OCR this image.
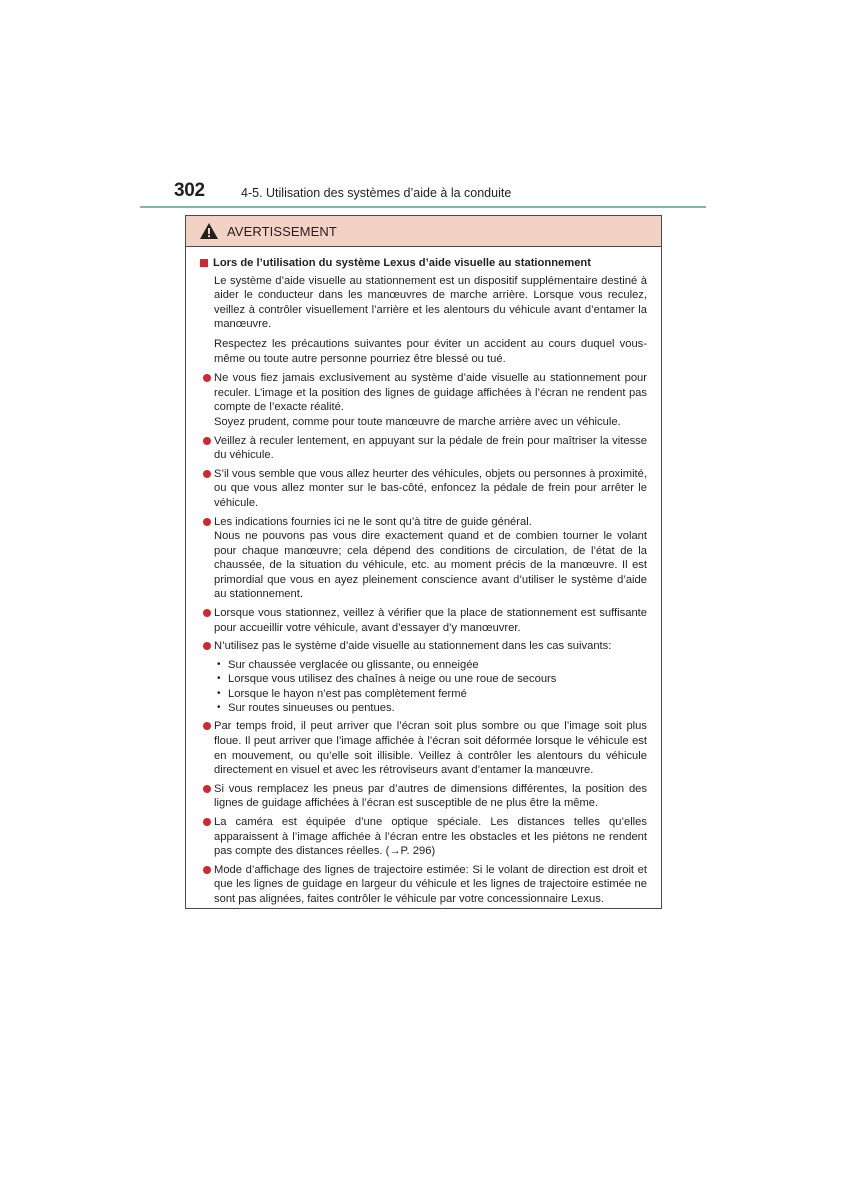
302	4-5. Utilisation des systèmes d’aide à la conduite
AVERTISSEMENT
Lors de l’utilisation du système Lexus d’aide visuelle au stationnement

Le système d’aide visuelle au stationnement est un dispositif supplémentaire destiné à aider le conducteur dans les manœuvres de marche arrière. Lorsque vous reculez, veillez à contrôler visuellement l’arrière et les alentours du véhicule avant d’entamer la manœuvre.

Respectez les précautions suivantes pour éviter un accident au cours duquel vous-même ou toute autre personne pourriez être blessé ou tué.

Ne vous fiez jamais exclusivement au système d’aide visuelle au stationnement pour reculer. L’image et la position des lignes de guidage affichées à l’écran ne rendent pas compte de l’exacte réalité.
Soyez prudent, comme pour toute manœuvre de marche arrière avec un véhicule.
Veillez à reculer lentement, en appuyant sur la pédale de frein pour maîtriser la vitesse du véhicule.
S’il vous semble que vous allez heurter des véhicules, objets ou personnes à proximité, ou que vous allez monter sur le bas-côté, enfoncez la pédale de frein pour arrêter le véhicule.
Les indications fournies ici ne le sont qu’à titre de guide général.
Nous ne pouvons pas vous dire exactement quand et de combien tourner le volant pour chaque manœuvre; cela dépend des conditions de circulation, de l’état de la chaussée, de la situation du véhicule, etc. au moment précis de la manœuvre. Il est primordial que vous en ayez pleinement conscience avant d’utiliser le système d’aide au stationnement.
Lorsque vous stationnez, veillez à vérifier que la place de stationnement est suffisante pour accueillir votre véhicule, avant d’essayer d’y manœuvrer.
N’utilisez pas le système d’aide visuelle au stationnement dans les cas suivants:
• Sur chaussée verglacée ou glissante, ou enneigée
• Lorsque vous utilisez des chaînes à neige ou une roue de secours
• Lorsque le hayon n’est pas complètement fermé
• Sur routes sinueuses ou pentues.
Par temps froid, il peut arriver que l’écran soit plus sombre ou que l’image soit plus floue. Il peut arriver que l’image affichée à l’écran soit déformée lorsque le véhicule est en mouvement, ou qu’elle soit illisible. Veillez à contrôler les alentours du véhicule directement en visuel et avec les rétroviseurs avant d’entamer la manœuvre.
Si vous remplacez les pneus par d’autres de dimensions différentes, la position des lignes de guidage affichées à l’écran est susceptible de ne plus être la même.
La caméra est équipée d’une optique spéciale. Les distances telles qu’elles apparaissent à l’image affichée à l’écran entre les obstacles et les piétons ne rendent pas compte des distances réelles. (→P. 296)
Mode d’affichage des lignes de trajectoire estimée: Si le volant de direction est droit et que les lignes de guidage en largeur du véhicule et les lignes de trajectoire estimée ne sont pas alignées, faites contrôler le véhicule par votre concessionnaire Lexus.
